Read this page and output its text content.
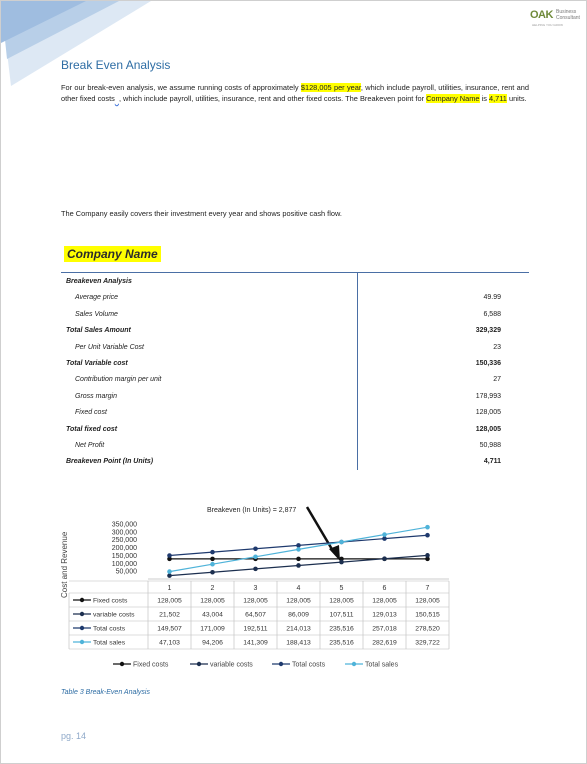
OAK Business
Consultant
HELPING YOU GROW
Break Even Analysis
For our break-even analysis, we assume running costs of approximately $128,005 per year, which include payroll, utilities, insurance, rent and other fixed costs , which include payroll, utilities, insurance, rent and other fixed costs. The Breakeven point for Company Name is 4,711 units.
The Company easily covers their investment every year and shows positive cash flow.
Company Name
Breakeven Analysis
Average price	49.99
Sales Volume	6,588
Total Sales Amount	329,329
Per Unit Variable Cost	23
Total Variable cost	150,336
Contribution margin per unit	27
Gross margin	178,993
Fixed cost	128,005
Total fixed cost	128,005
Net Profit	50,988
Breakeven Point (In Units)	4,711
Cost and Revenue
Breakeven (In Units) = 2,877
350,000
300,000
250,000
200,000
150,000
100,000
50,000
1	2	3	4	5	6	7
Fixed costs	128,005	128,005	128,005	128,005	128,005	128,005	128,005
variable costs	21,502	43,004	64,507	86,009	107,511	129,013	150,515
Total costs	149,507	171,009	192,511	214,013	235,516	257,018	278,520
Total sales	47,103	94,206	141,309	188,413	235,516	282,619	329,722
Fixed costs	variable costs	Total costs	Total sales
Table 3 Break-Even Analysis
pg. 14
